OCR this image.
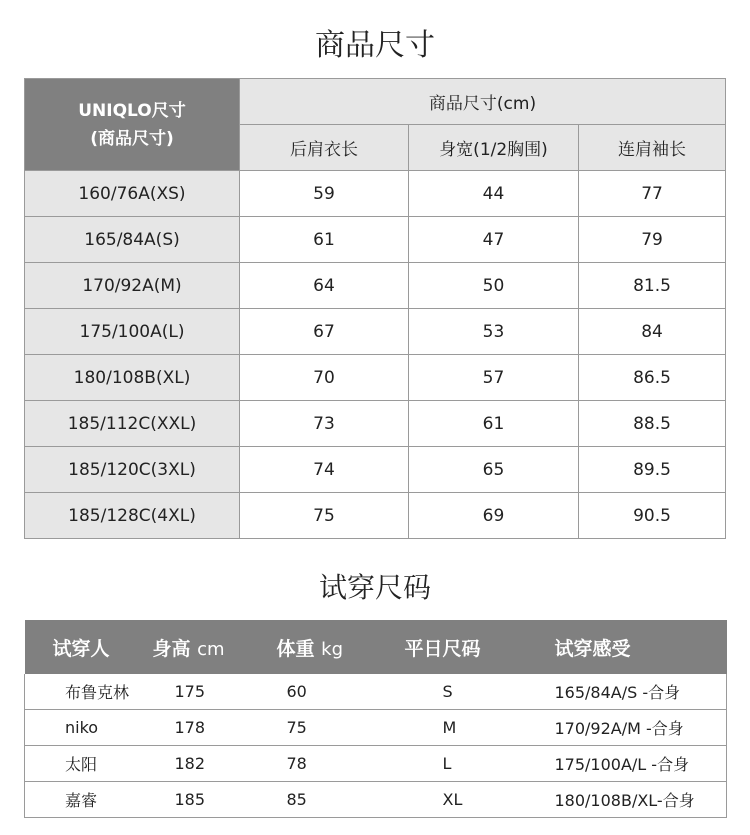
商品尺寸
UNIQLO尺寸
(商品尺寸)	商品尺寸(cm)		
	后肩衣长	身宽(1/2胸围)	连肩袖长
160/76A(XS)	59	44	77
165/84A(S)	61	47	79
170/92A(M)	64	50	81.5
175/100A(L)	67	53	84
180/108B(XL)	70	57	86.5
185/112C(XXL)	73	61	88.5
185/120C(3XL)	74	65	89.5
185/128C(4XL)	75	69	90.5
试穿尺码
试穿人	身高 cm	体重 kg	平日尺码	试穿感受
布鲁克林	175	60	S	165/84A/S -合身
niko	178	75	M	170/92A/M -合身
太阳	182	78	L	175/100A/L -合身
嘉睿	185	85	XL	180/108B/XL-合身
